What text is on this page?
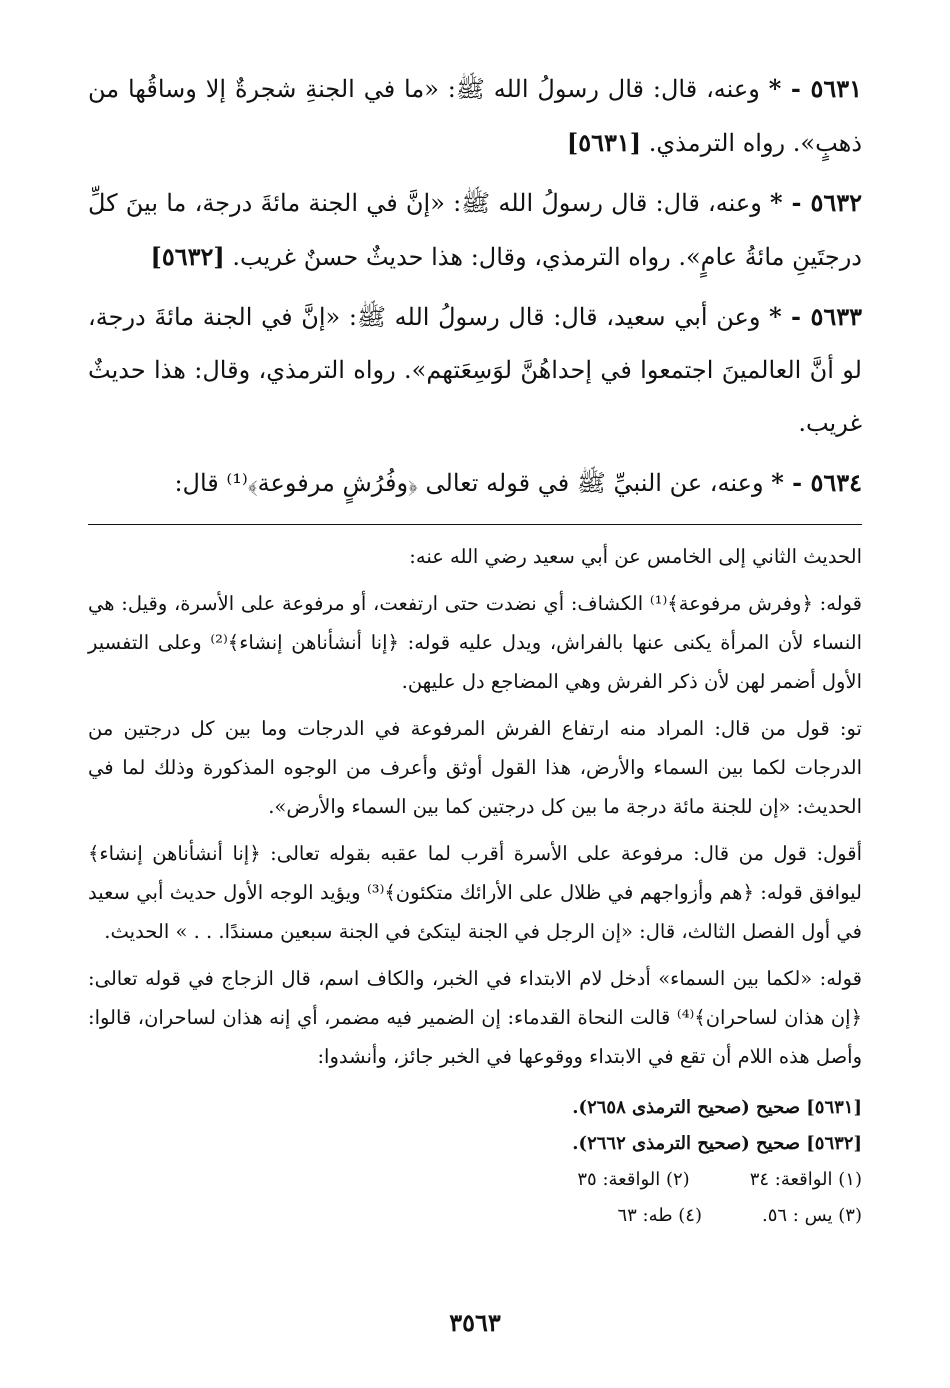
٥٦٣١ - * وعنه، قال: قال رسولُ الله ﷺ: «ما في الجنةِ شجرةٌ إلا وساقُها من ذهبٍ». رواه الترمذي. [٥٦٣١]

٥٦٣٢ - * وعنه، قال: قال رسولُ الله ﷺ: «إنَّ في الجنة مائةَ درجة، ما بينَ كلِّ درجتَينِ مائةُ عامٍ». رواه الترمذي، وقال: هذا حديثٌ حسنٌ غريب. [٥٦٣٢]

٥٦٣٣ - * وعن أبي سعيد، قال: قال رسولُ الله ﷺ: «إنَّ في الجنة مائةَ درجة، لو أنَّ العالمينَ اجتمعوا في إحداهُنَّ لوَسِعَتهم». رواه الترمذي، وقال: هذا حديثٌ غريب.

٥٦٣٤ - * وعنه، عن النبيِّ ﷺ في قوله تعالى ﴿وفُرُشٍ مرفوعة﴾⁽¹⁾ قال:

الحديث الثاني إلى الخامس عن أبي سعيد رضي الله عنه:

قوله: ﴿وفرش مرفوعة﴾⁽¹⁾ الكشاف: أي نضدت حتى ارتفعت، أو مرفوعة على الأسرة، وقيل: هي النساء لأن المرأة يكنى عنها بالفراش، ويدل عليه قوله: ﴿إنا أنشأناهن إنشاء﴾⁽²⁾ وعلى التفسير الأول أضمر لهن لأن ذكر الفرش وهي المضاجع دل عليهن.

تو: قول من قال: المراد منه ارتفاع الفرش المرفوعة في الدرجات وما بين كل درجتين من الدرجات لكما بين السماء والأرض، هذا القول أوثق وأعرف من الوجوه المذكورة وذلك لما في الحديث: «إن للجنة مائة درجة ما بين كل درجتين كما بين السماء والأرض».

أقول: قول من قال: مرفوعة على الأسرة أقرب لما عقبه بقوله تعالى: ﴿إنا أنشأناهن إنشاء﴾ ليوافق قوله: ﴿هم وأزواجهم في ظلال على الأرائك متكئون﴾⁽³⁾ ويؤيد الوجه الأول حديث أبي سعيد في أول الفصل الثالث، قال: «إن الرجل في الجنة ليتكئ في الجنة سبعين مسندًا. . . » الحديث.

قوله: «لكما بين السماء» أدخل لام الابتداء في الخبر، والكاف اسم، قال الزجاج في قوله تعالى: ﴿إن هذان لساحران﴾⁽⁴⁾ قالت النحاة القدماء: إن الضمير فيه مضمر، أي إنه هذان لساحران، قالوا: وأصل هذه اللام أن تقع في الابتداء ووقوعها في الخبر جائز، وأنشدوا:

[٥٦٣١] صحيح (صحيح الترمذى ٢٦٥٨).
[٥٦٣٢] صحيح (صحيح الترمذى ٢٦٦٢).
(١) الواقعة: ٣٤
(٢) الواقعة: ٣٥
(٣) يس : ٥٦.
(٤) طه: ٦٣
٣٥٦٣
